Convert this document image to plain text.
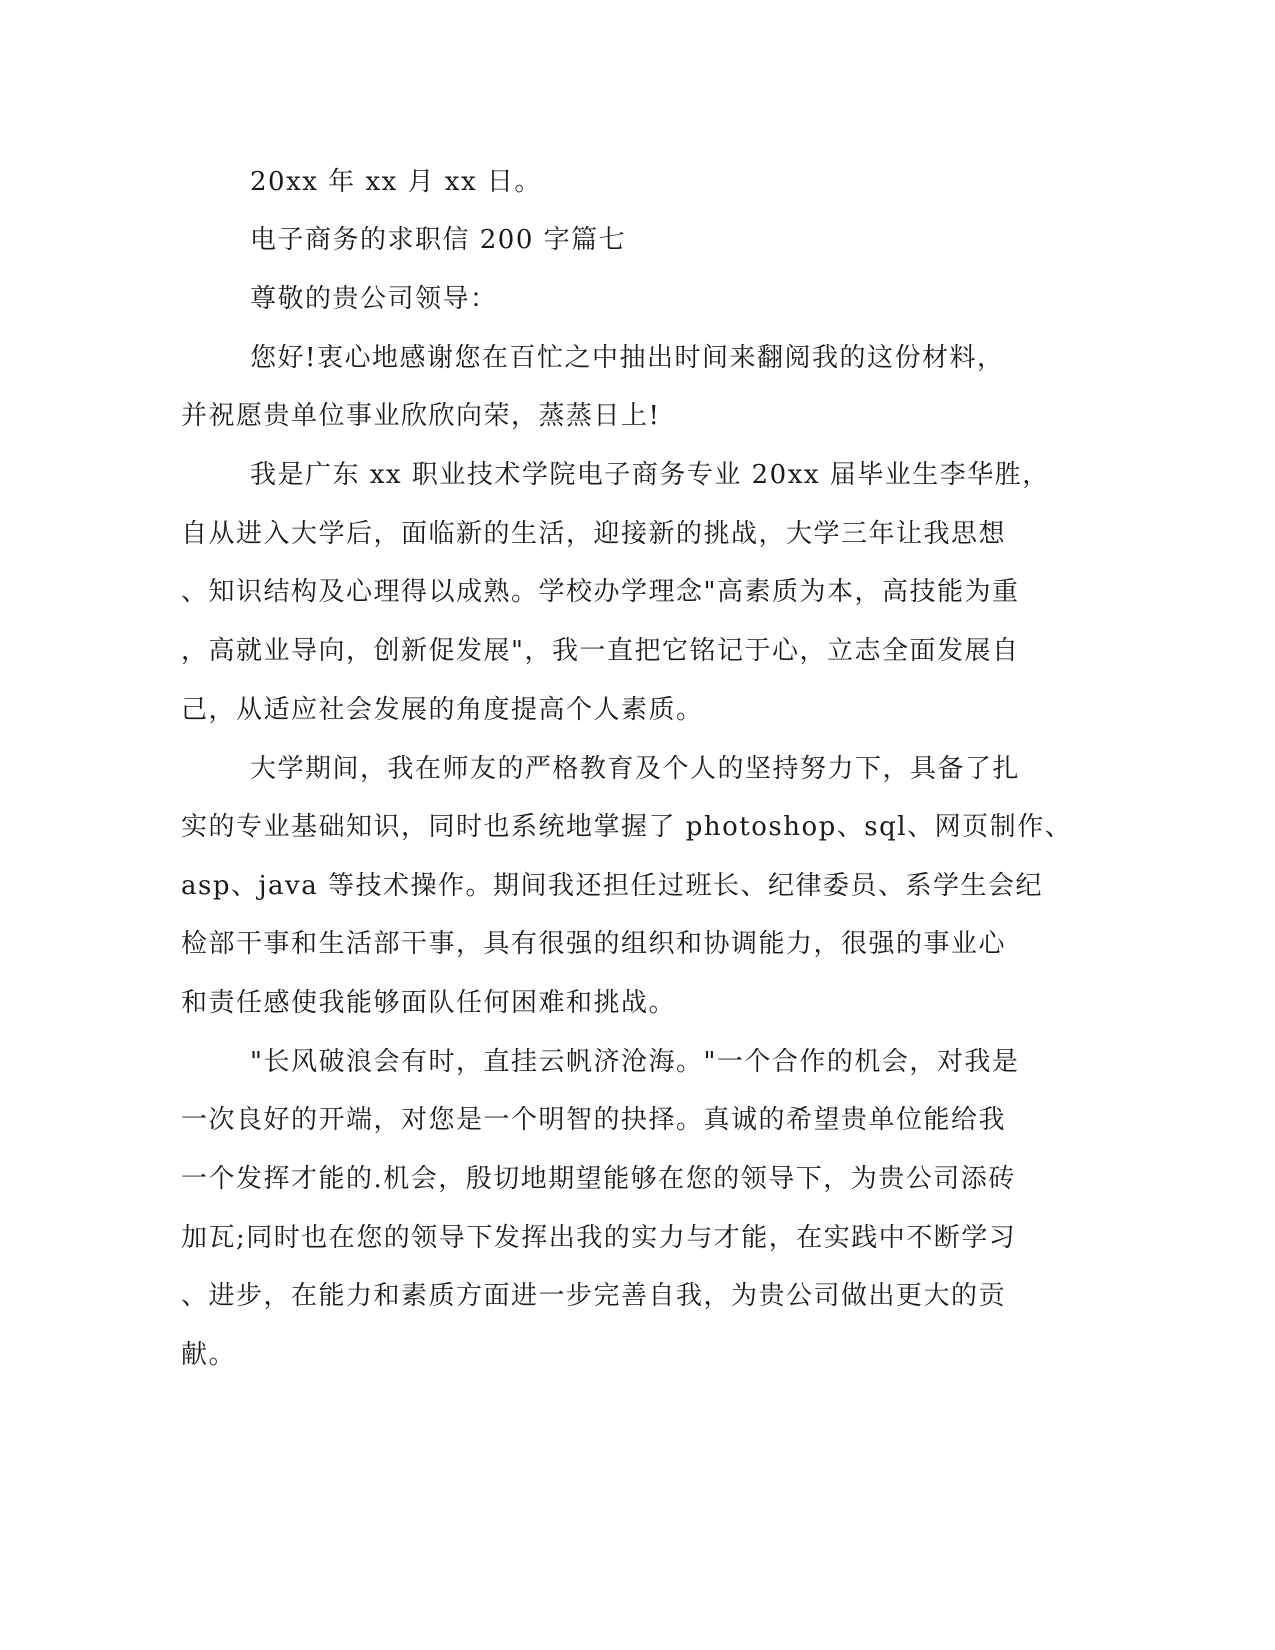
20xx 年 xx 月 xx 日。
电子商务的求职信 200 字篇七
尊敬的贵公司领导：
您好!衷心地感谢您在百忙之中抽出时间来翻阅我的这份材料，
并祝愿贵单位事业欣欣向荣，蒸蒸日上!
我是广东 xx 职业技术学院电子商务专业 20xx 届毕业生李华胜，
自从进入大学后，面临新的生活，迎接新的挑战，大学三年让我思想
、知识结构及心理得以成熟。学校办学理念"高素质为本，高技能为重
，高就业导向，创新促发展"，我一直把它铭记于心，立志全面发展自
己，从适应社会发展的角度提高个人素质。
大学期间，我在师友的严格教育及个人的坚持努力下，具备了扎
实的专业基础知识，同时也系统地掌握了 photoshop、sql、网页制作、
asp、java 等技术操作。期间我还担任过班长、纪律委员、系学生会纪
检部干事和生活部干事，具有很强的组织和协调能力，很强的事业心
和责任感使我能够面队任何困难和挑战。
"长风破浪会有时，直挂云帆济沧海。"一个合作的机会，对我是
一次良好的开端，对您是一个明智的抉择。真诚的希望贵单位能给我
一个发挥才能的.机会，殷切地期望能够在您的领导下，为贵公司添砖
加瓦;同时也在您的领导下发挥出我的实力与才能，在实践中不断学习
、进步，在能力和素质方面进一步完善自我，为贵公司做出更大的贡
献。
